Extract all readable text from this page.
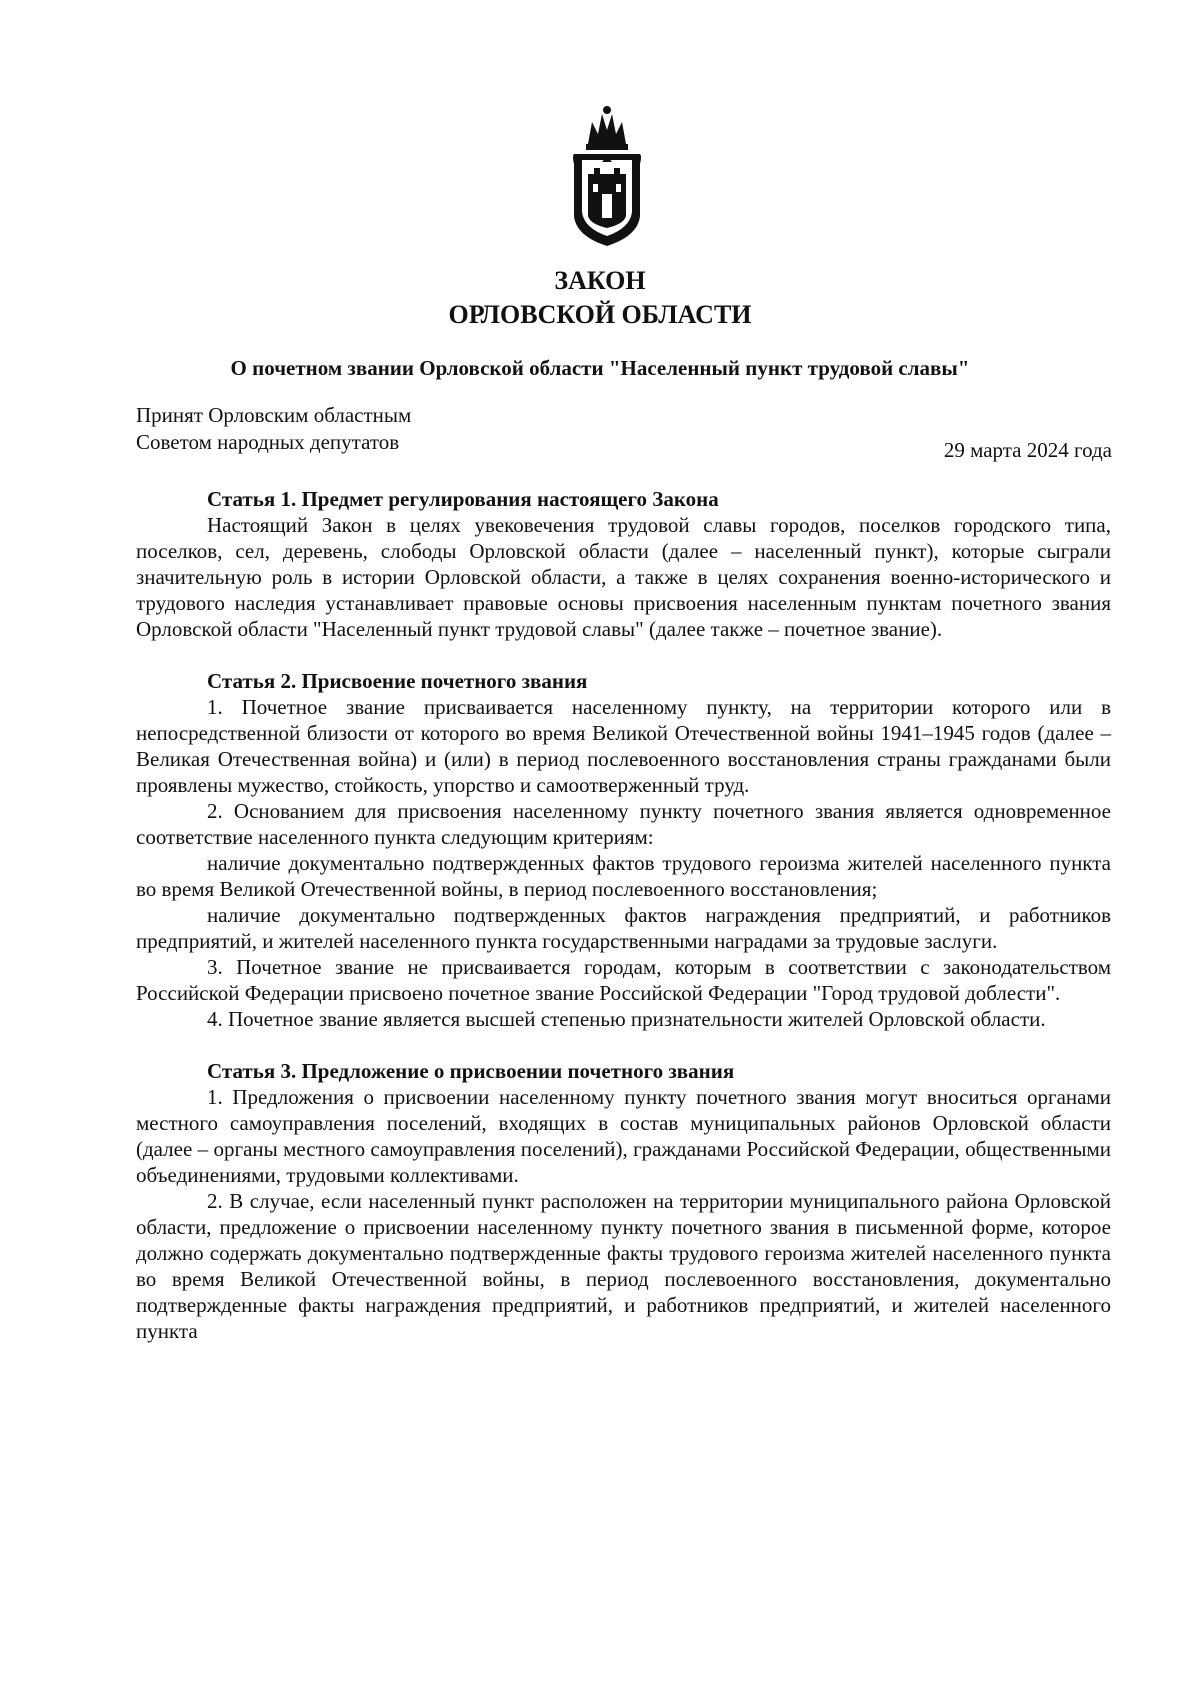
ЗАКОН
ОРЛОВСКОЙ ОБЛАСТИ
О почетном звании Орловской области "Населенный пункт трудовой славы"
Принят Орловским областным
Советом народных депутатов	29 марта 2024 года
Статья 1. Предмет регулирования настоящего Закона

Настоящий Закон в целях увековечения трудовой славы городов, поселков городского типа, поселков, сел, деревень, слободы Орловской области (далее – населенный пункт), которые сыграли значительную роль в истории Орловской области, а также в целях сохранения военно-исторического и трудового наследия устанавливает правовые основы присвоения населенным пунктам почетного звания Орловской области "Населенный пункт трудовой славы" (далее также – почетное звание).

Статья 2. Присвоение почетного звания

1. Почетное звание присваивается населенному пункту, на территории которого или в непосредственной близости от которого во время Великой Отечественной войны 1941–1945 годов (далее – Великая Отечественная война) и (или) в период послевоенного восстановления страны гражданами были проявлены мужество, стойкость, упорство и самоотверженный труд.

2. Основанием для присвоения населенному пункту почетного звания является одновременное соответствие населенного пункта следующим критериям:

наличие документально подтвержденных фактов трудового героизма жителей населенного пункта во время Великой Отечественной войны, в период послевоенного восстановления;

наличие документально подтвержденных фактов награждения предприятий, и работников предприятий, и жителей населенного пункта государственными наградами за трудовые заслуги.

3. Почетное звание не присваивается городам, которым в соответствии с законодательством Российской Федерации присвоено почетное звание Российской Федерации "Город трудовой доблести".

4. Почетное звание является высшей степенью признательности жителей Орловской области.

Статья 3. Предложение о присвоении почетного звания

1. Предложения о присвоении населенному пункту почетного звания могут вноситься органами местного самоуправления поселений, входящих в состав муниципальных районов Орловской области (далее – органы местного самоуправления поселений), гражданами Российской Федерации, общественными объединениями, трудовыми коллективами.

2. В случае, если населенный пункт расположен на территории муниципального района Орловской области, предложение о присвоении населенному пункту почетного звания в письменной форме, которое должно содержать документально подтвержденные факты трудового героизма жителей населенного пункта во время Великой Отечественной войны, в период послевоенного восстановления, документально подтвержденные факты награждения предприятий, и работников предприятий, и жителей населенного пункта
